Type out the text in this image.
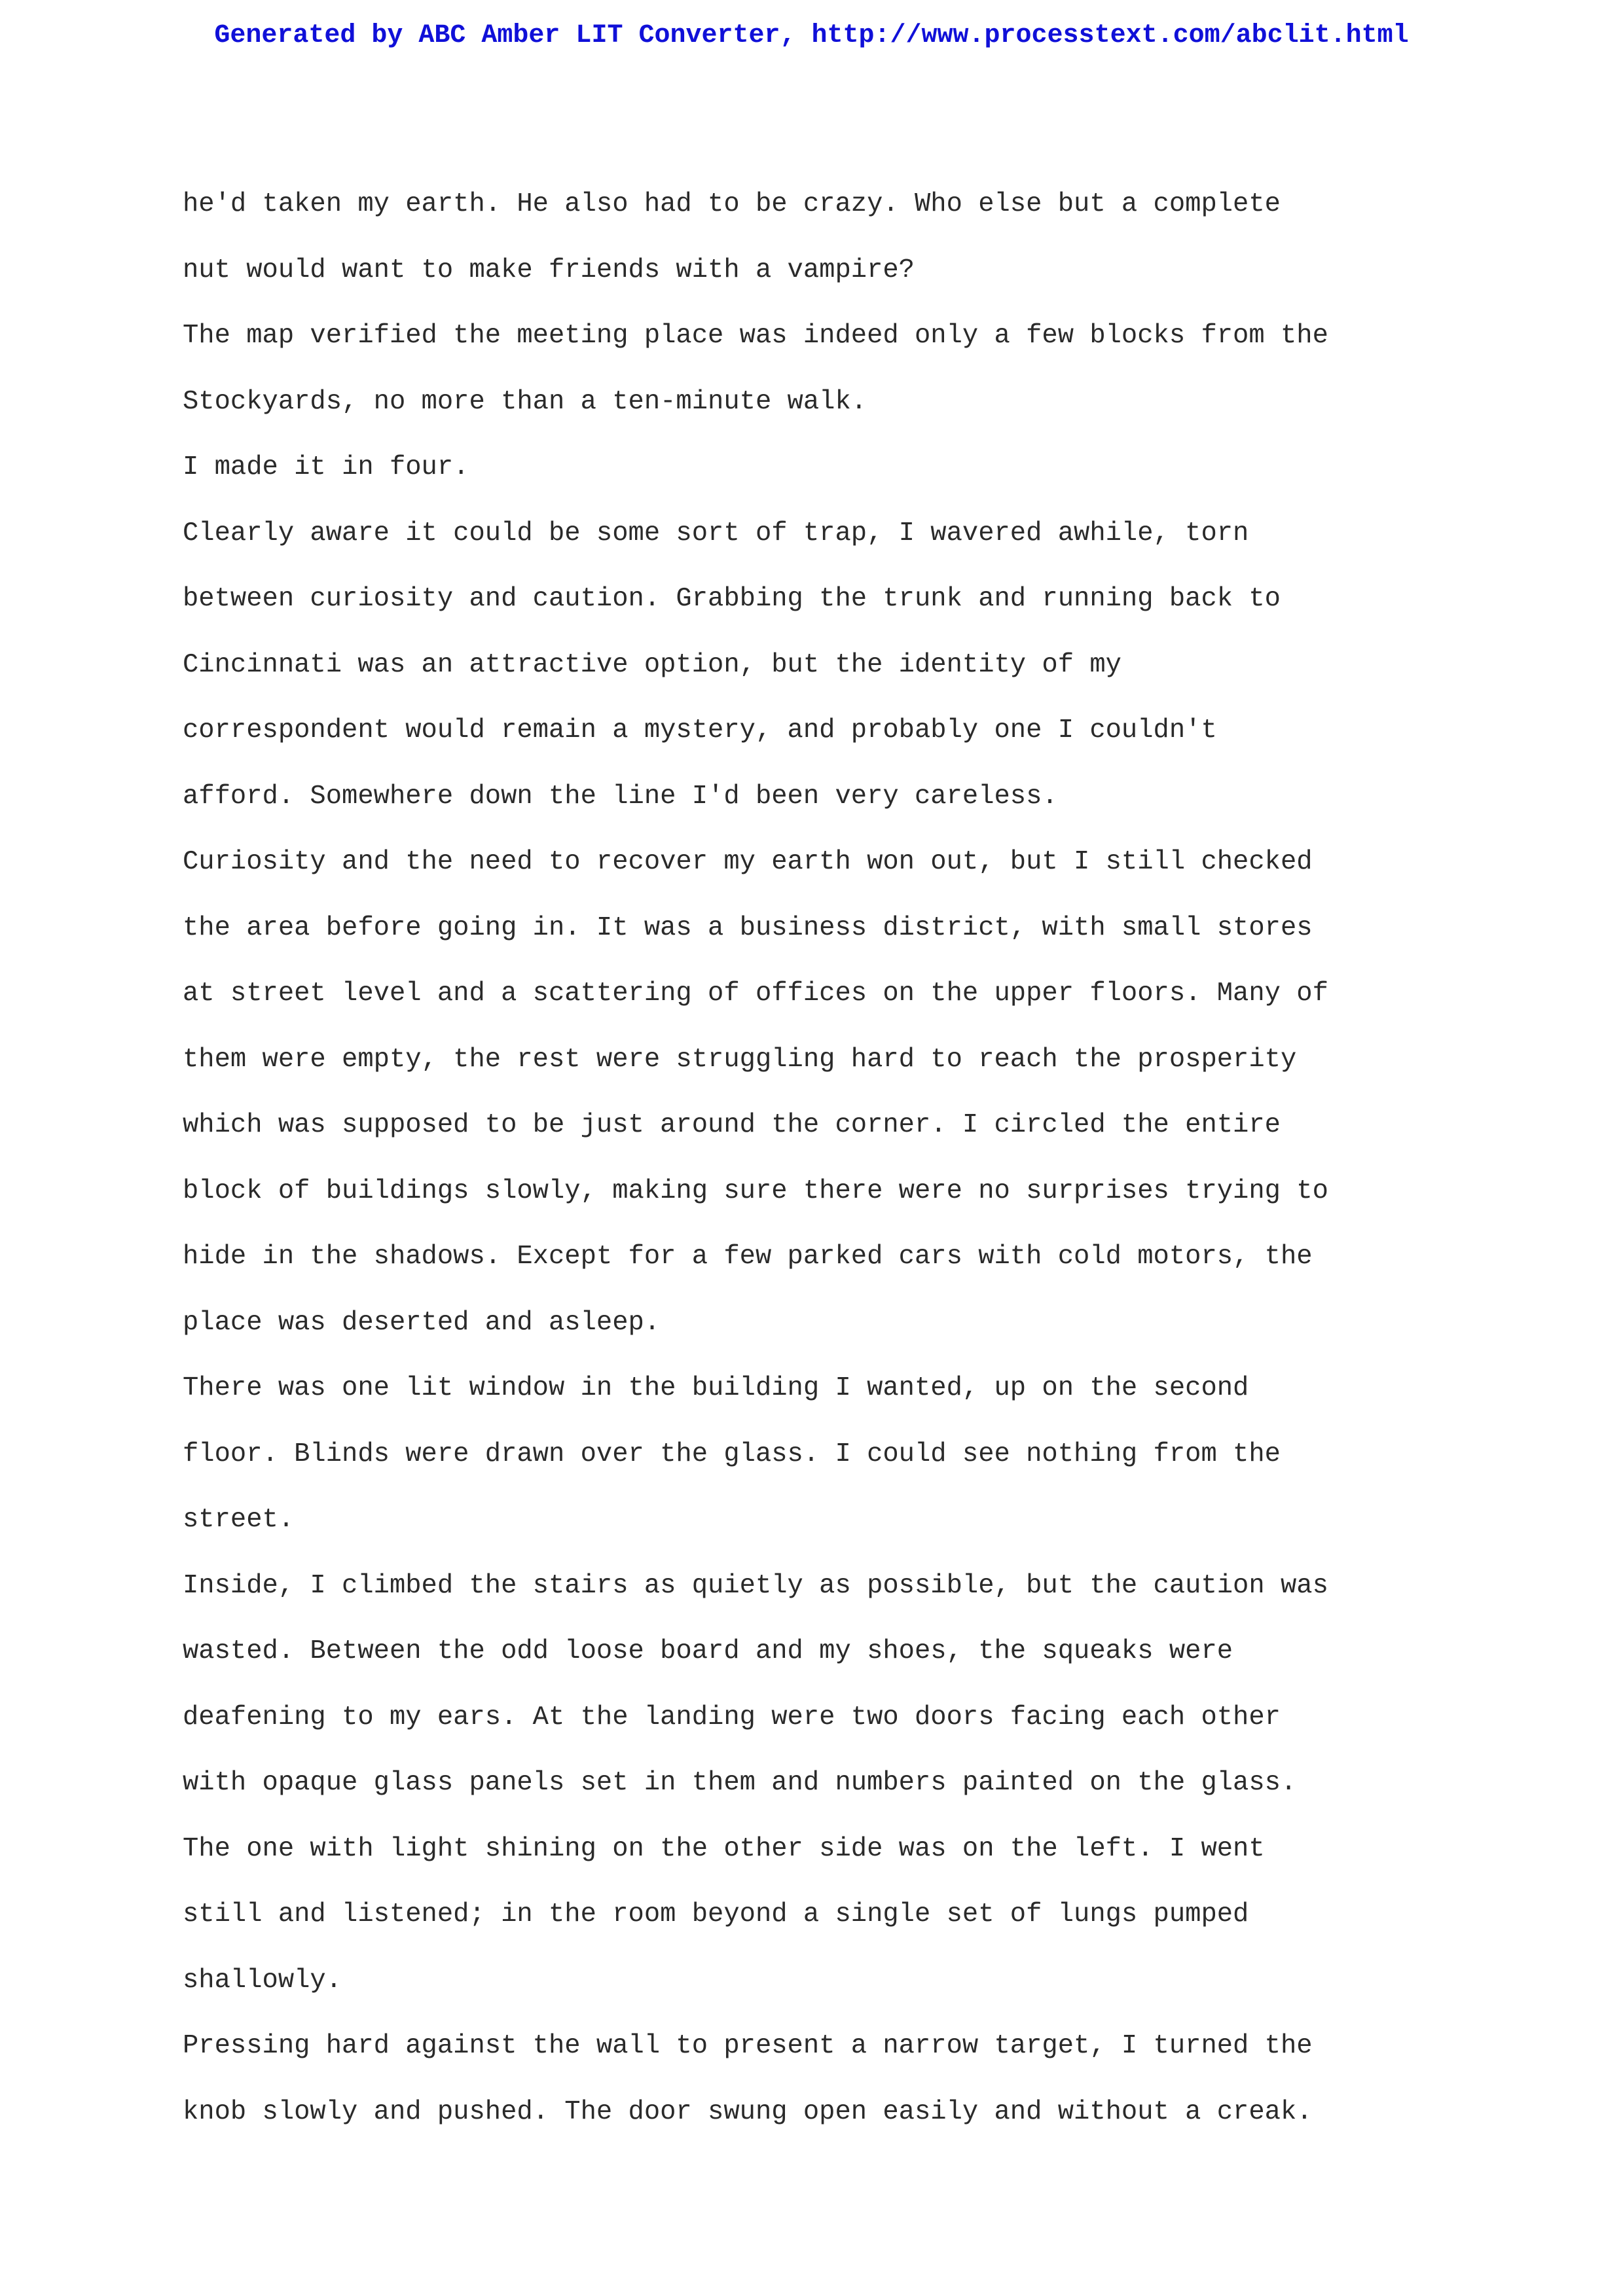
Generated by ABC Amber LIT Converter, http://www.processtext.com/abclit.html
he'd taken my earth. He also had to be crazy. Who else but a complete
nut would want to make friends with a vampire?
The map verified the meeting place was indeed only a few blocks from the
Stockyards, no more than a ten-minute walk.
I made it in four.
Clearly aware it could be some sort of trap, I wavered awhile, torn
between curiosity and caution. Grabbing the trunk and running back to
Cincinnati was an attractive option, but the identity of my
correspondent would remain a mystery, and probably one I couldn't
afford. Somewhere down the line I'd been very careless.
Curiosity and the need to recover my earth won out, but I still checked
the area before going in. It was a business district, with small stores
at street level and a scattering of offices on the upper floors. Many of
them were empty, the rest were struggling hard to reach the prosperity
which was supposed to be just around the corner. I circled the entire
block of buildings slowly, making sure there were no surprises trying to
hide in the shadows. Except for a few parked cars with cold motors, the
place was deserted and asleep.
There was one lit window in the building I wanted, up on the second
floor. Blinds were drawn over the glass. I could see nothing from the
street.
Inside, I climbed the stairs as quietly as possible, but the caution was
wasted. Between the odd loose board and my shoes, the squeaks were
deafening to my ears. At the landing were two doors facing each other
with opaque glass panels set in them and numbers painted on the glass.
The one with light shining on the other side was on the left. I went
still and listened; in the room beyond a single set of lungs pumped
shallowly.
Pressing hard against the wall to present a narrow target, I turned the
knob slowly and pushed. The door swung open easily and without a creak.
